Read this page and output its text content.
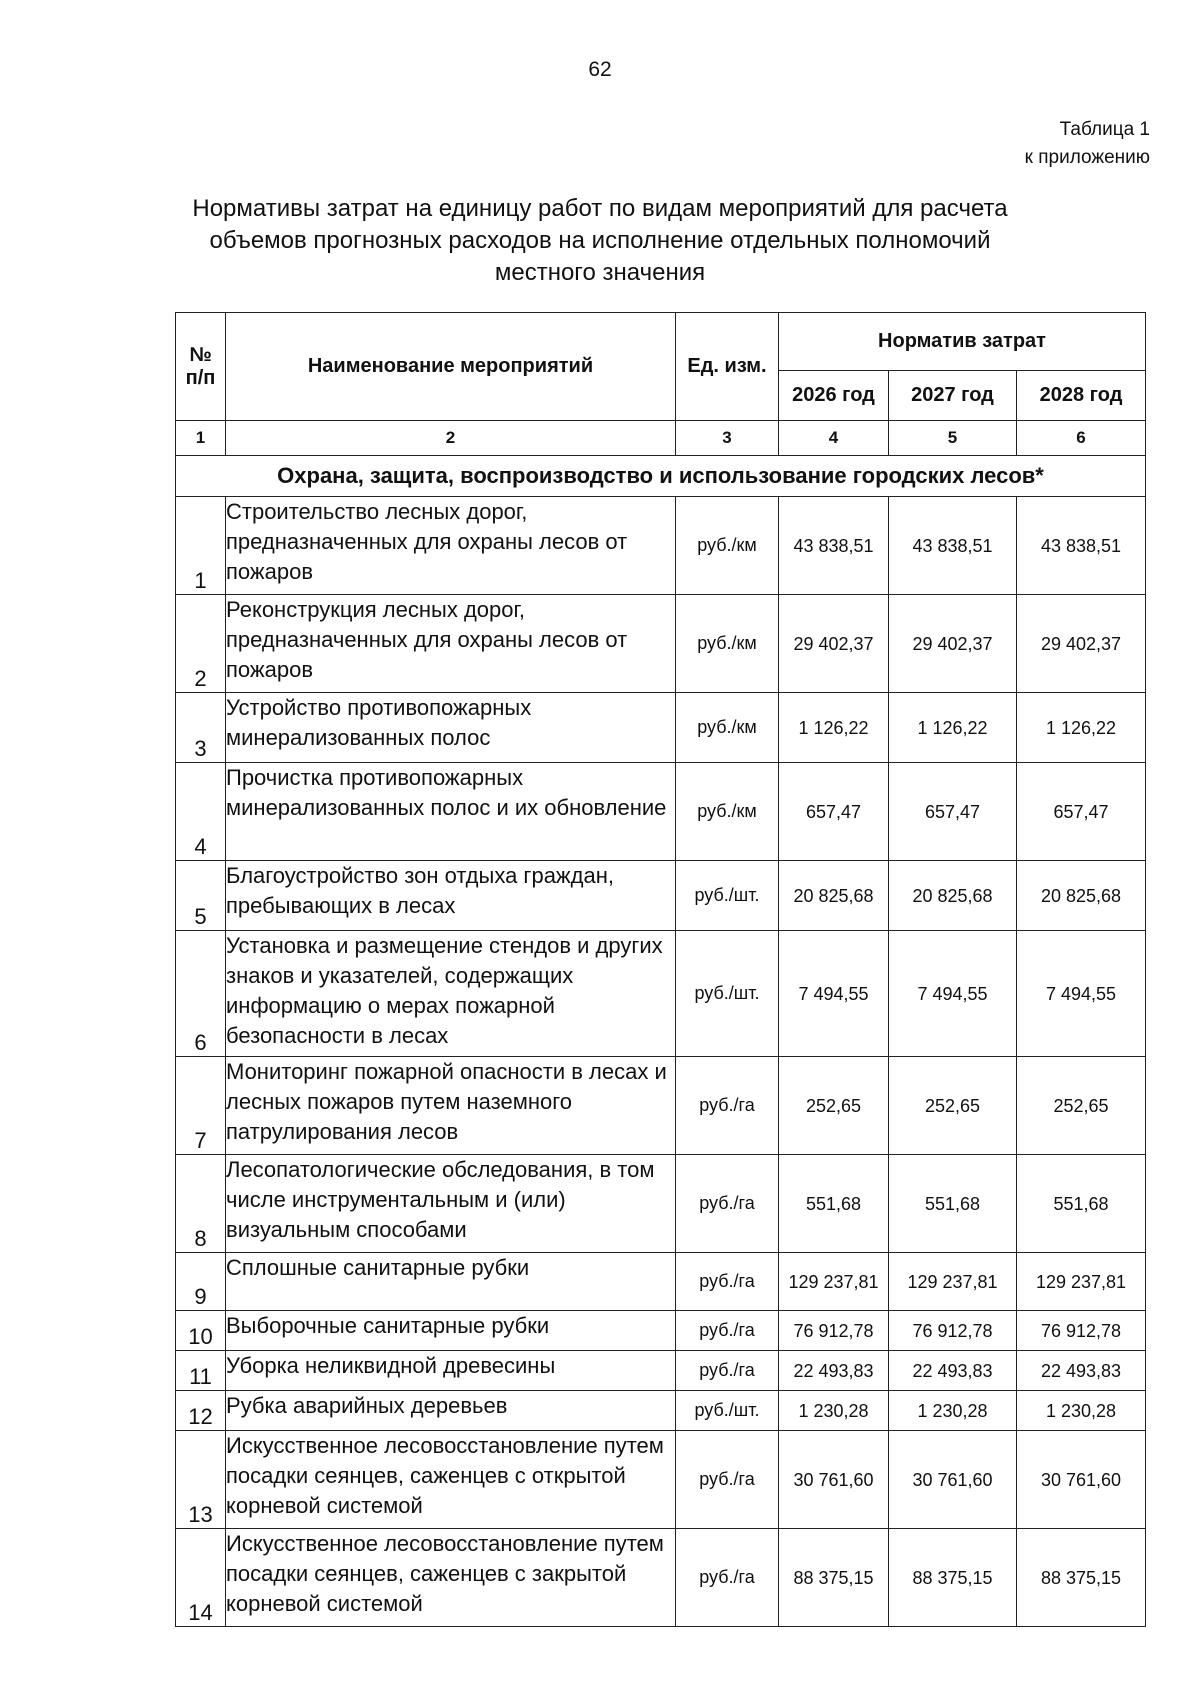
62
Таблица 1
к приложению
Нормативы затрат на единицу работ по видам мероприятий для расчета
объемов прогнозных расходов на исполнение отдельных полномочий
местного значения
№
п/п	Наименование мероприятий	Ед. изм.	Норматив затрат		
			2026 год	2027 год	2028 год
1	2	3	4	5	6
Охрана, защита, воспроизводство и использование городских лесов*					
1	Строительство лесных дорог, предназначенных для охраны лесов от пожаров	руб./км	43 838,51	43 838,51	43 838,51
2	Реконструкция лесных дорог, предназначенных для охраны лесов от пожаров	руб./км	29 402,37	29 402,37	29 402,37
3	Устройство противопожарных минерализованных полос	руб./км	1 126,22	1 126,22	1 126,22
4	Прочистка противопожарных минерализованных полос и их обновление	руб./км	657,47	657,47	657,47
5	Благоустройство зон отдыха граждан, пребывающих в лесах	руб./шт.	20 825,68	20 825,68	20 825,68
6	Установка и размещение стендов и других знаков и указателей, содержащих информацию о мерах пожарной безопасности в лесах	руб./шт.	7 494,55	7 494,55	7 494,55
7	Мониторинг пожарной опасности в лесах и лесных пожаров путем наземного патрулирования лесов	руб./га	252,65	252,65	252,65
8	Лесопатологические обследования, в том числе инструментальным и (или) визуальным способами	руб./га	551,68	551,68	551,68
9	Сплошные санитарные рубки	руб./га	129 237,81	129 237,81	129 237,81
10	Выборочные санитарные рубки	руб./га	76 912,78	76 912,78	76 912,78
11	Уборка неликвидной древесины	руб./га	22 493,83	22 493,83	22 493,83
12	Рубка аварийных деревьев	руб./шт.	1 230,28	1 230,28	1 230,28
13	Искусственное лесовосстановление путем посадки сеянцев, саженцев с открытой корневой системой	руб./га	30 761,60	30 761,60	30 761,60
14	Искусственное лесовосстановление путем посадки сеянцев, саженцев с закрытой корневой системой	руб./га	88 375,15	88 375,15	88 375,15
